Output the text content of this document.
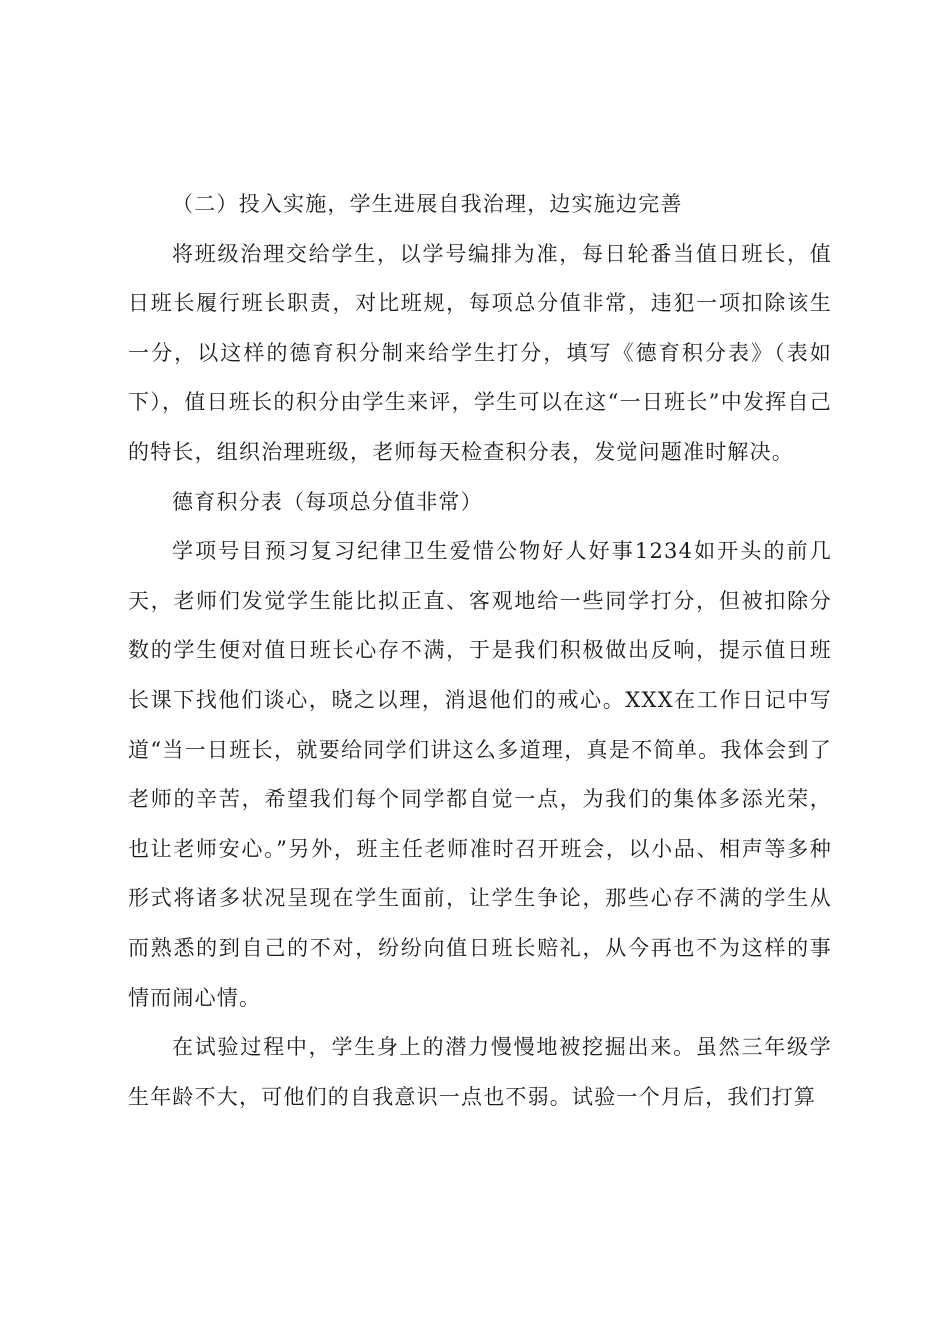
（二）投入实施，学生进展自我治理，边实施边完善

将班级治理交给学生，以学号编排为准，每日轮番当值日班长，值日班长履行班长职责，对比班规，每项总分值非常，违犯一项扣除该生一分，以这样的德育积分制来给学生打分，填写《德育积分表》（表如下），值日班长的积分由学生来评，学生可以在这“一日班长”中发挥自己的特长，组织治理班级，老师每天检查积分表，发觉问题准时解决。

德育积分表（每项总分值非常）

学项号目预习复习纪律卫生爱惜公物好人好事1234如开头的前几天，老师们发觉学生能比拟正直、客观地给一些同学打分，但被扣除分数的学生便对值日班长心存不满，于是我们积极做出反响，提示值日班长课下找他们谈心，晓之以理，消退他们的戒心。XXX在工作日记中写道“当一日班长，就要给同学们讲这么多道理，真是不简单。我体会到了老师的辛苦，希望我们每个同学都自觉一点，为我们的集体多添光荣，也让老师安心。”另外，班主任老师准时召开班会，以小品、相声等多种形式将诸多状况呈现在学生面前，让学生争论，那些心存不满的学生从而熟悉的到自己的不对，纷纷向值日班长赔礼，从今再也不为这样的事情而闹心情。

在试验过程中，学生身上的潜力慢慢地被挖掘出来。虽然三年级学生年龄不大，可他们的自我意识一点也不弱。试验一个月后，我们打算
